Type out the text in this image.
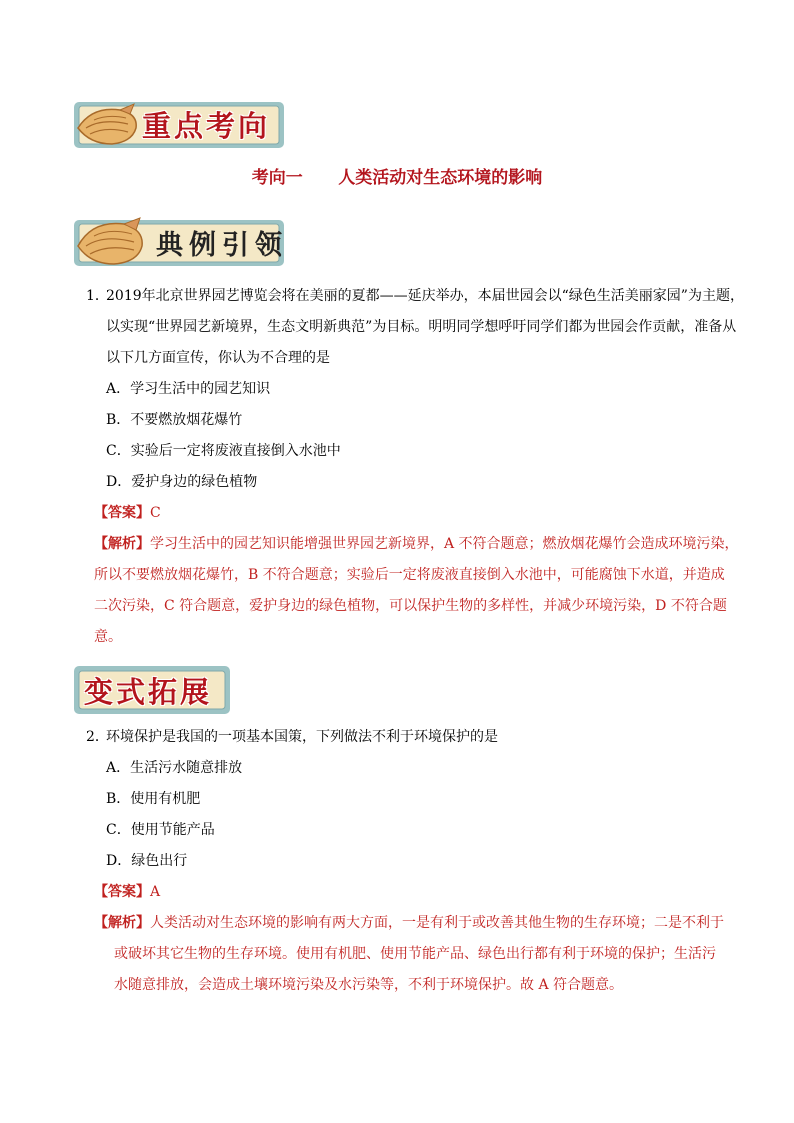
重点考向
考向一 人类活动对生态环境的影响
典例引领
1．
2019年北京世界园艺博览会将在美丽的夏都——延庆举办，本届世园会以“绿色生活美丽家园”为主题，
以实现“世界园艺新境界，生态文明新典范”为目标。明明同学想呼吁同学们都为世园会作贡献，准备从
以下几方面宣传，你认为不合理的是
A．学习生活中的园艺知识
B．不要燃放烟花爆竹
C．实验后一定将废液直接倒入水池中
D．爱护身边的绿色植物
【答案】C
【解析】学习生活中的园艺知识能增强世界园艺新境界，A 不符合题意；燃放烟花爆竹会造成环境污染，
所以不要燃放烟花爆竹，B 不符合题意；实验后一定将废液直接倒入水池中，可能腐蚀下水道，并造成
二次污染，C 符合题意，爱护身边的绿色植物，可以保护生物的多样性，并减少环境污染，D 不符合题
意。
变式拓展
2．
环境保护是我国的一项基本国策，下列做法不利于环境保护的是
A．生活污水随意排放
B．使用有机肥
C．使用节能产品
D．绿色出行
【答案】A
【解析】人类活动对生态环境的影响有两大方面，一是有利于或改善其他生物的生存环境；二是不利于
或破坏其它生物的生存环境。使用有机肥、使用节能产品、绿色出行都有利于环境的保护；生活污
水随意排放，会造成土壤环境污染及水污染等，不利于环境保护。故 A 符合题意。
